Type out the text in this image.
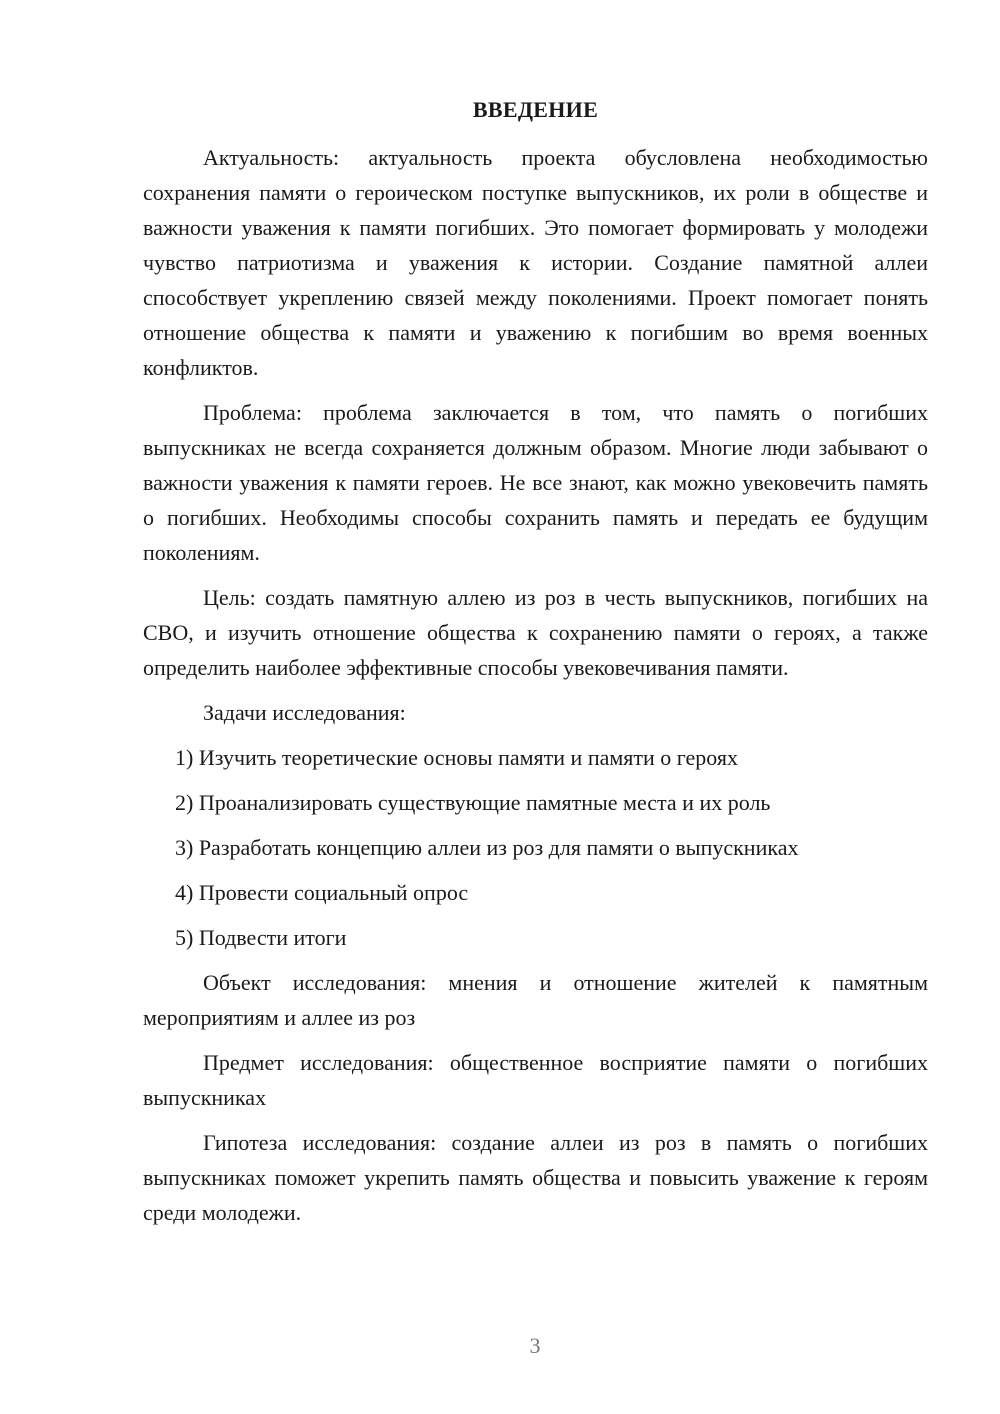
ВВЕДЕНИЕ

Актуальность: актуальность проекта обусловлена необходимостью сохранения памяти о героическом поступке выпускников, их роли в обществе и важности уважения к памяти погибших. Это помогает формировать у молодежи чувство патриотизма и уважения к истории. Создание памятной аллеи способствует укреплению связей между поколениями. Проект помогает понять отношение общества к памяти и уважению к погибшим во время военных конфликтов.

Проблема: проблема заключается в том, что память о погибших выпускниках не всегда сохраняется должным образом. Многие люди забывают о важности уважения к памяти героев. Не все знают, как можно увековечить память о погибших. Необходимы способы сохранить память и передать ее будущим поколениям.

Цель: создать памятную аллею из роз в честь выпускников, погибших на СВО, и изучить отношение общества к сохранению памяти о героях, а также определить наиболее эффективные способы увековечивания памяти.

Задачи исследования:

1) Изучить теоретические основы памяти и памяти о героях
2) Проанализировать существующие памятные места и их роль
3) Разработать концепцию аллеи из роз для памяти о выпускниках
4) Провести социальный опрос
5) Подвести итоги

Объект исследования: мнения и отношение жителей к памятным мероприятиям и аллее из роз

Предмет исследования: общественное восприятие памяти о погибших выпускниках

Гипотеза исследования: создание аллеи из роз в память о погибших выпускниках поможет укрепить память общества и повысить уважение к героям среди молодежи.

3
